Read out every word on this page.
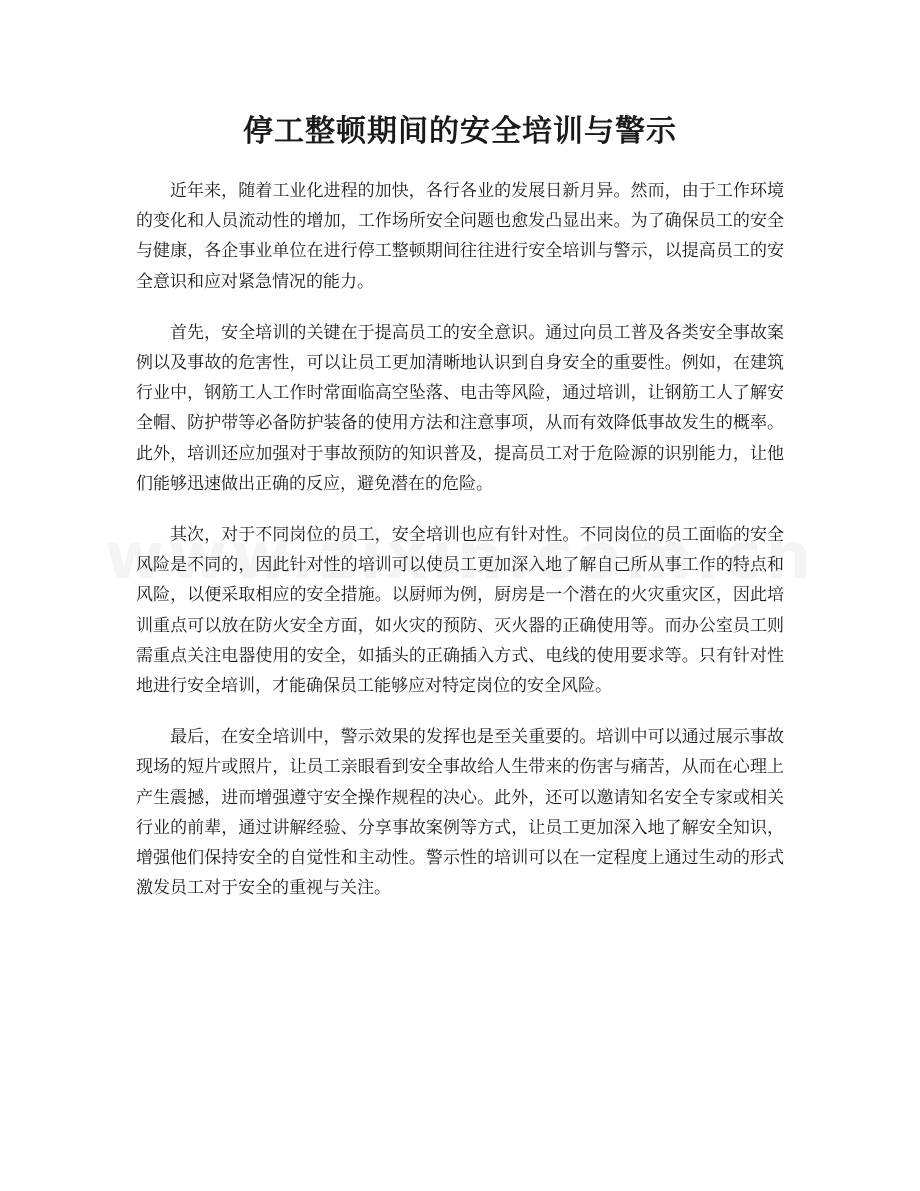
停工整顿期间的安全培训与警示

近年来，随着工业化进程的加快，各行各业的发展日新月异。然而，由于工作环境的变化和人员流动性的增加，工作场所安全问题也愈发凸显出来。为了确保员工的安全与健康，各企事业单位在进行停工整顿期间往往进行安全培训与警示，以提高员工的安全意识和应对紧急情况的能力。

首先，安全培训的关键在于提高员工的安全意识。通过向员工普及各类安全事故案例以及事故的危害性，可以让员工更加清晰地认识到自身安全的重要性。例如，在建筑行业中，钢筋工人工作时常面临高空坠落、电击等风险，通过培训，让钢筋工人了解安全帽、防护带等必备防护装备的使用方法和注意事项，从而有效降低事故发生的概率。此外，培训还应加强对于事故预防的知识普及，提高员工对于危险源的识别能力，让他们能够迅速做出正确的反应，避免潜在的危险。

其次，对于不同岗位的员工，安全培训也应有针对性。不同岗位的员工面临的安全风险是不同的，因此针对性的培训可以使员工更加深入地了解自己所从事工作的特点和风险，以便采取相应的安全措施。以厨师为例，厨房是一个潜在的火灾重灾区，因此培训重点可以放在防火安全方面，如火灾的预防、灭火器的正确使用等。而办公室员工则需重点关注电器使用的安全，如插头的正确插入方式、电线的使用要求等。只有针对性地进行安全培训，才能确保员工能够应对特定岗位的安全风险。

最后，在安全培训中，警示效果的发挥也是至关重要的。培训中可以通过展示事故现场的短片或照片，让员工亲眼看到安全事故给人生带来的伤害与痛苦，从而在心理上产生震撼，进而增强遵守安全操作规程的决心。此外，还可以邀请知名安全专家或相关行业的前辈，通过讲解经验、分享事故案例等方式，让员工更加深入地了解安全知识，增强他们保持安全的自觉性和主动性。警示性的培训可以在一定程度上通过生动的形式激发员工对于安全的重视与关注。
